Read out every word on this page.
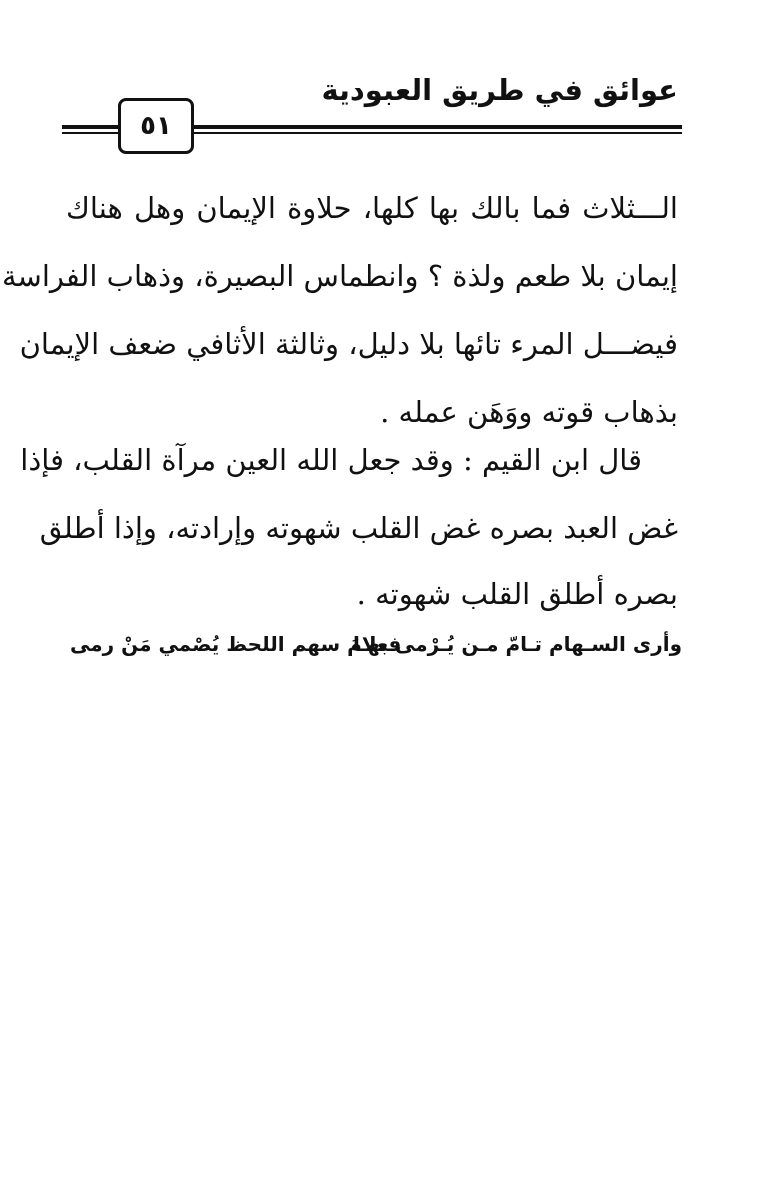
عوائق في طريق العبودية
٥١
الـــثلاث فما بالك بها كلها، حلاوة الإيمان وهل هناك
إيمان بلا طعم ولذة ؟ وانطماس البصيرة، وذهاب الفراسة
فيضـــل المرء تائها بلا دليل، وثالثة الأثافي ضعف الإيمان
بذهاب قوته ووَهَن عمله .
قال ابن القيم : وقد جعل الله العين مرآة القلب، فإذا
غض العبد بصره غض القلب شهوته وإرادته، وإذا أطلق
بصره أطلق القلب شهوته .
وأرى السـهام تـامّ مـن يُـرْمى بهـا
فعلامَ سهم اللحظ يُصْمي مَنْ رمى
